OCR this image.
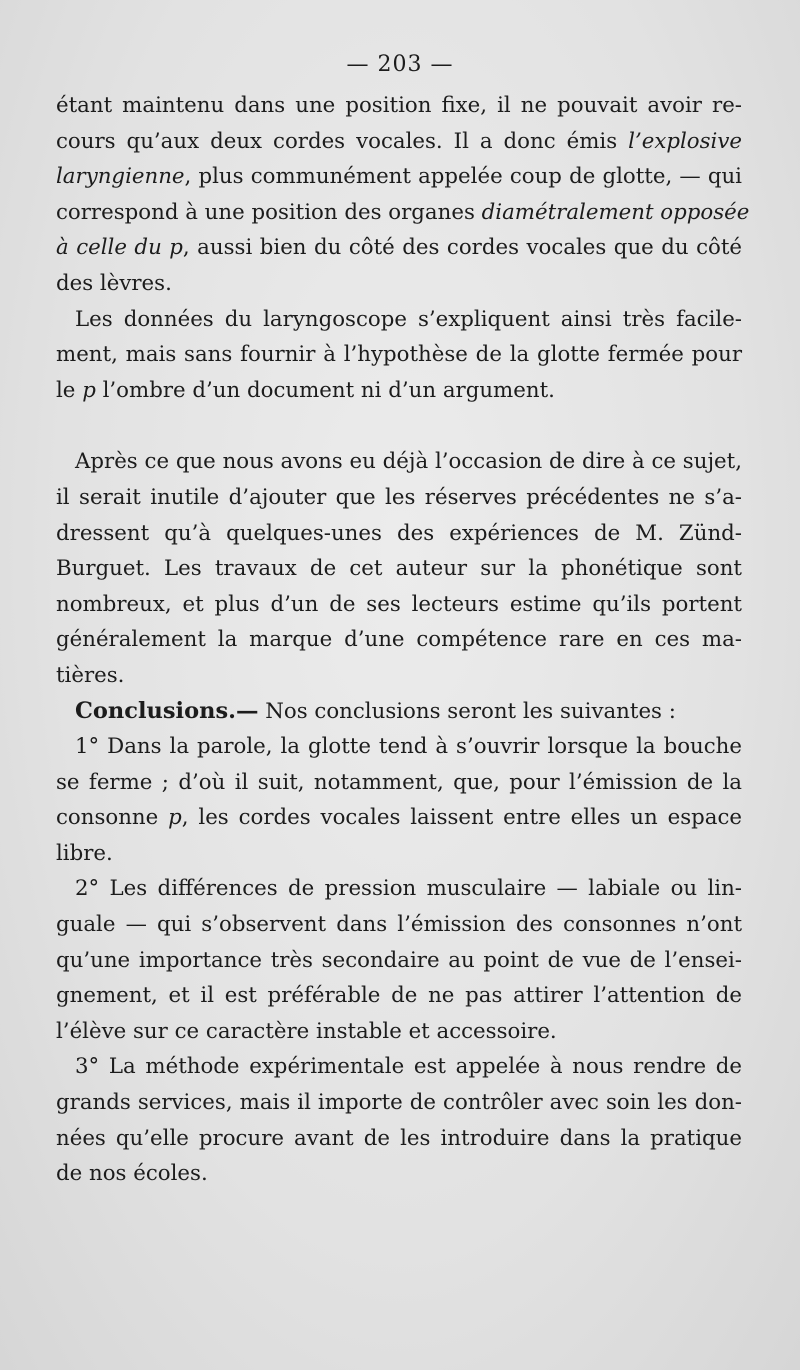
— 203 —
étant maintenu dans une position fixe, il ne pouvait avoir re-
cours qu’aux deux cordes vocales. Il a donc émis l’explosive
laryngienne, plus communément appelée coup de glotte, — qui
correspond à une position des organes diamétralement opposée
à celle du p, aussi bien du côté des cordes vocales que du côté
des lèvres.
Les données du laryngoscope s’expliquent ainsi très facile-
ment, mais sans fournir à l’hypothèse de la glotte fermée pour
le p l’ombre d’un document ni d’un argument.
Après ce que nous avons eu déjà l’occasion de dire à ce sujet,
il serait inutile d’ajouter que les réserves précédentes ne s’a-
dressent qu’à quelques-unes des expériences de M. Zünd-
Burguet. Les travaux de cet auteur sur la phonétique sont
nombreux, et plus d’un de ses lecteurs estime qu’ils portent
généralement la marque d’une compétence rare en ces ma-
tières.
Conclusions.— Nos conclusions seront les suivantes :
1° Dans la parole, la glotte tend à s’ouvrir lorsque la bouche
se ferme ; d’où il suit, notamment, que, pour l’émission de la
consonne p, les cordes vocales laissent entre elles un espace
libre.
2° Les différences de pression musculaire — labiale ou lin-
guale — qui s’observent dans l’émission des consonnes n’ont
qu’une importance très secondaire au point de vue de l’ensei-
gnement, et il est préférable de ne pas attirer l’attention de
l’élève sur ce caractère instable et accessoire.
3° La méthode expérimentale est appelée à nous rendre de
grands services, mais il importe de contrôler avec soin les don-
nées qu’elle procure avant de les introduire dans la pratique
de nos écoles.
